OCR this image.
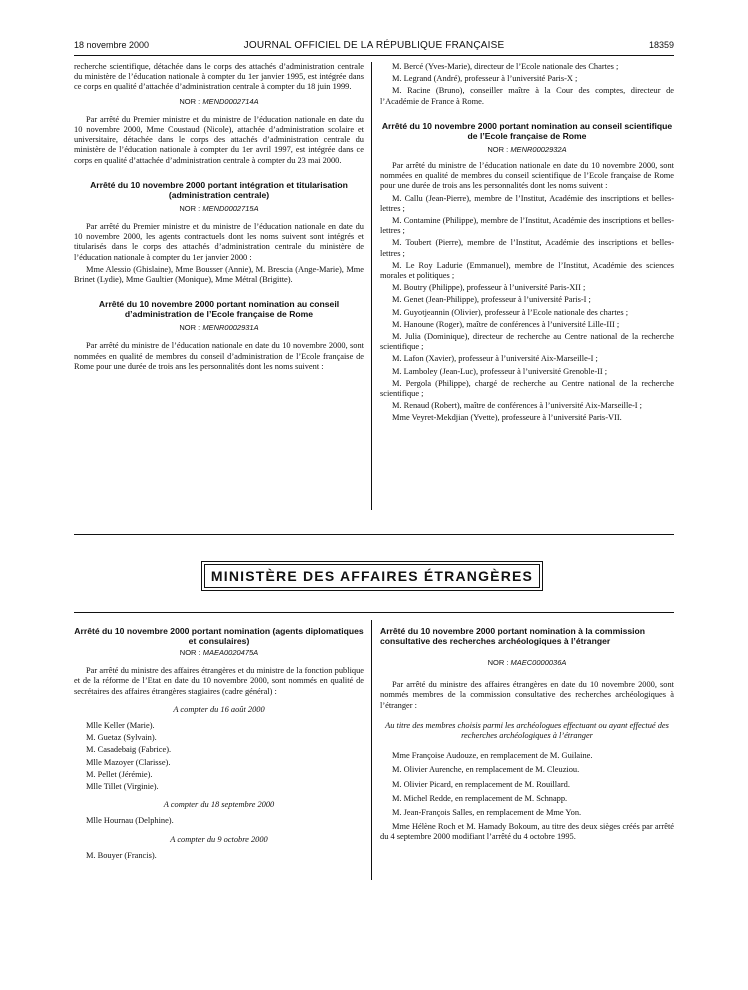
18 novembre 2000	JOURNAL OFFICIEL DE LA RÉPUBLIQUE FRANÇAISE	18359

recherche scientifique, détachée dans le corps des attachés d’administration centrale du ministère de l’éducation nationale à compter du 1er janvier 1995, est intégrée dans ce corps en qualité d’attachée d’administration centrale à compter du 18 juin 1999.

NOR : MEND0002714A

Par arrêté du Premier ministre et du ministre de l’éducation nationale en date du 10 novembre 2000, Mme Coustaud (Nicole), attachée d’administration scolaire et universitaire, détachée dans le corps des attachés d’administration centrale du ministère de l’éducation nationale à compter du 1er avril 1997, est intégrée dans ce corps en qualité d’attachée d’administration centrale à compter du 23 mai 2000.

Arrêté du 10 novembre 2000 portant intégration et titularisation (administration centrale)
NOR : MEND0002715A

Par arrêté du Premier ministre et du ministre de l’éducation nationale en date du 10 novembre 2000, les agents contractuels dont les noms suivent sont intégrés et titularisés dans le corps des attachés d’administration centrale du ministère de l’éducation nationale à compter du 1er janvier 2000 :

Mme Alessio (Ghislaine), Mme Bousser (Annie), M. Brescia (Ange-Marie), Mme Brinet (Lydie), Mme Gaultier (Monique), Mme Métral (Brigitte).

Arrêté du 10 novembre 2000 portant nomination au conseil d’administration de l’Ecole française de Rome
NOR : MENR0002931A

Par arrêté du ministre de l’éducation nationale en date du 10 novembre 2000, sont nommées en qualité de membres du conseil d’administration de l’Ecole française de Rome pour une durée de trois ans les personnalités dont les noms suivent :

M. Bercé (Yves-Marie), directeur de l’Ecole nationale des Chartes ;

M. Legrand (André), professeur à l’université Paris-X ;

M. Racine (Bruno), conseiller maître à la Cour des comptes, directeur de l’Académie de France à Rome.

Arrêté du 10 novembre 2000 portant nomination au conseil scientifique de l’Ecole française de Rome
NOR : MENR0002932A

Par arrêté du ministre de l’éducation nationale en date du 10 novembre 2000, sont nommées en qualité de membres du conseil scientifique de l’Ecole française de Rome pour une durée de trois ans les personnalités dont les noms suivent :

M. Callu (Jean-Pierre), membre de l’Institut, Académie des inscriptions et belles-lettres ;

M. Contamine (Philippe), membre de l’Institut, Académie des inscriptions et belles-lettres ;

M. Toubert (Pierre), membre de l’Institut, Académie des inscriptions et belles-lettres ;

M. Le Roy Ladurie (Emmanuel), membre de l’Institut, Académie des sciences morales et politiques ;

M. Boutry (Philippe), professeur à l’université Paris-XII ;

M. Genet (Jean-Philippe), professeur à l’université Paris-I ;

M. Guyotjeannin (Olivier), professeur à l’Ecole nationale des chartes ;

M. Hanoune (Roger), maître de conférences à l’université Lille-III ;

M. Julia (Dominique), directeur de recherche au Centre national de la recherche scientifique ;

M. Lafon (Xavier), professeur à l’université Aix-Marseille-I ;

M. Lamboley (Jean-Luc), professeur à l’université Grenoble-II ;

M. Pergola (Philippe), chargé de recherche au Centre national de la recherche scientifique ;

M. Renaud (Robert), maître de conférences à l’université Aix-Marseille-I ;

Mme Veyret-Mekdjian (Yvette), professeure à l’université Paris-VII.

MINISTÈRE DES AFFAIRES ÉTRANGÈRES
Arrêté du 10 novembre 2000 portant nomination (agents diplomatiques et consulaires)
NOR : MAEA0020475A

Par arrêté du ministre des affaires étrangères et du ministre de la fonction publique et de la réforme de l’Etat en date du 10 novembre 2000, sont nommés en qualité de secrétaires des affaires étrangères stagiaires (cadre général) :

A compter du 16 août 2000

Mlle Keller (Marie).

M. Guetaz (Sylvain).

M. Casadebaig (Fabrice).

Mlle Mazoyer (Clarisse).

M. Pellet (Jérémie).

Mlle Tillet (Virginie).

A compter du 18 septembre 2000

Mlle Hournau (Delphine).

A compter du 9 octobre 2000

M. Bouyer (Francis).

Arrêté du 10 novembre 2000 portant nomination à la commission consultative des recherches archéologiques à l’étranger
NOR : MAEC0000036A

Par arrêté du ministre des affaires étrangères en date du 10 novembre 2000, sont nommés membres de la commission consultative des recherches archéologiques à l’étranger :

Au titre des membres choisis parmi les archéologues effectuant ou ayant effectué des recherches archéologiques à l’étranger

Mme Françoise Audouze, en remplacement de M. Guilaine.

M. Olivier Aurenche, en remplacement de M. Cleuziou.

M. Olivier Picard, en remplacement de M. Rouillard.

M. Michel Redde, en remplacement de M. Schnapp.

M. Jean-François Salles, en remplacement de Mme Yon.

Mme Hélène Roch et M. Hamady Bokoum, au titre des deux sièges créés par arrêté du 4 septembre 2000 modifiant l’arrêté du 4 octobre 1995.
